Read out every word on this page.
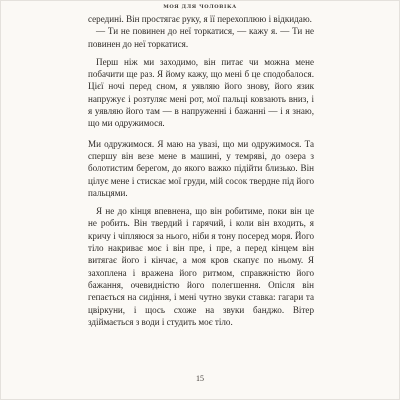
МОЯ ДЛЯ ЧОЛОВІКА

середині. Він простягає руку, я її перехоплюю і відкидаю.

— Ти не повинен до неї торкатися, — кажу я. — Ти не повинен до неї торкатися.

Перш ніж ми заходимо, він питає чи можна мене побачити ще раз. Я йому кажу, що мені б це сподобалося. Цієї ночі перед сном, я уявляю його знову, його язик напружує і розтуляє мені рот, мої пальці ковзають вниз, і я уявляю його там — в напруженні і бажанні — і я знаю, що ми одружимося.

Ми одружимося. Я маю на увазі, що ми одружимося. Та спершу він везе мене в машині, у темряві, до озера з болотистим берегом, до якого важко підійти близько. Він цілує мене і стискає мої груди, мій сосок твердне під його пальцями.

Я не до кінця впевнена, що він робитиме, поки він це не робить. Він твердий і гарячий, і коли він входить, я кричу і чіпляюся за нього, ніби я тону посеред моря. Його тіло накриває моє і він пре, і пре, а перед кінцем він витягає його і кінчає, а моя кров скапує по ньому. Я захоплена і вражена його ритмом, справжністю його бажання, очевидністю його полегшення. Опісля він гепається на сидіння, і мені чутно звуки ставка: гагари та цвіркуни, і щось схоже на звуки банджо. Вітер здіймається з води і студить моє тіло.

15
